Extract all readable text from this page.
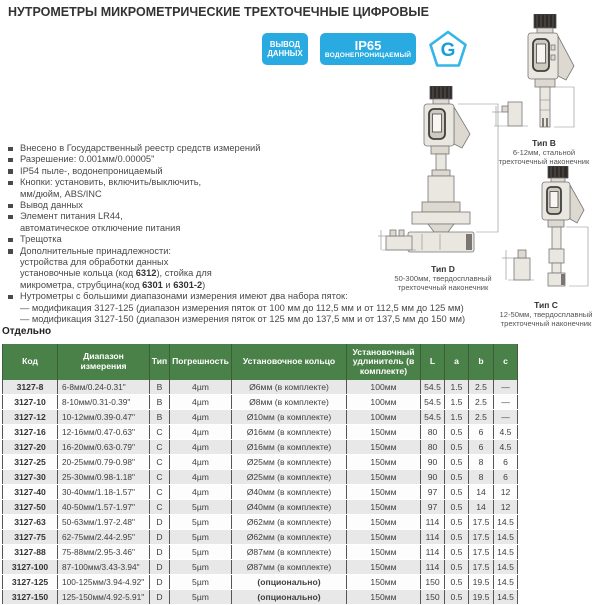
НУТРОМЕТРЫ МИКРОМЕТРИЧЕСКИЕ ТРЕХТОЧЕЧНЫЕ ЦИФРОВЫЕ
ВЫВОД ДАННЫХ
IP65
ВОДОНЕПРОНИЦАЕМЫЙ G
Внесено в Государственный реестр средств измерений
Разрешение: 0.001мм/0.00005"
IP54 пыле-, водонепроницаемый
Кнопки: установить, включить/выключить,
мм/дюйм, ABS/INC
Вывод данных
Элемент питания LR44,
автоматическое отключение питания
Трещотка
Дополнительные принадлежности:
устройства для обработки данных
установочные кольца (код 6312), стойка для
микрометра, струбцина(код 6301 и 6301-2)
Нутрометры с большими диапазонами измерения имеют два набора пяток:
— модификация 3127-125 (диапазон измерения пяток от 100 мм до 112,5 мм и от 112,5 мм до 125 мм)
— модификация 3127-150 (диапазон измерения пяток от 125 мм до 137,5 мм и от 137,5 мм до 150 мм)
Отдельно
Тип B
6-12мм, стальной
трехточечный наконечник
Тип D
50-300мм, твердосплавный
трехточечный наконечник
Тип C
12-50мм, твердосплавный
трехточечный наконечник
Код	Диапазон измерения	Тип	Погрешность	Установочное кольцо	Установочный удлинитель (в комплекте)	L	a	b	c
3127-8	6-8мм/0.24-0.31"	B	4µm	Ø6мм (в комплекте)	100мм	54.5	1.5	2.5	—
3127-10	8-10мм/0.31-0.39"	B	4µm	Ø8мм (в комплекте)	100мм	54.5	1.5	2.5	—
3127-12	10-12мм/0.39-0.47"	B	4µm	Ø10мм (в комплекте)	100мм	54.5	1.5	2.5	—
3127-16	12-16мм/0.47-0.63"	C	4µm	Ø16мм (в комплекте)	150мм	80	0.5	6	4.5
3127-20	16-20мм/0.63-0.79"	C	4µm	Ø16мм (в комплекте)	150мм	80	0.5	6	4.5
3127-25	20-25мм/0.79-0.98"	C	4µm	Ø25мм (в комплекте)	150мм	90	0.5	8	6
3127-30	25-30мм/0.98-1.18"	C	4µm	Ø25мм (в комплекте)	150мм	90	0.5	8	6
3127-40	30-40мм/1.18-1.57"	C	4µm	Ø40мм (в комплекте)	150мм	97	0.5	14	12
3127-50	40-50мм/1.57-1.97"	C	5µm	Ø40мм (в комплекте)	150мм	97	0.5	14	12
3127-63	50-63мм/1.97-2.48"	D	5µm	Ø62мм (в комплекте)	150мм	114	0.5	17.5	14.5
3127-75	62-75мм/2.44-2.95"	D	5µm	Ø62мм (в комплекте)	150мм	114	0.5	17.5	14.5
3127-88	75-88мм/2.95-3.46"	D	5µm	Ø87мм (в комплекте)	150мм	114	0.5	17.5	14.5
3127-100	87-100мм/3.43-3.94"	D	5µm	Ø87мм (в комплекте)	150мм	114	0.5	17.5	14.5
3127-125	100-125мм/3.94-4.92"	D	5µm	(опционально)	150мм	150	0.5	19.5	14.5
3127-150	125-150мм/4.92-5.91"	D	5µm	(опционально)	150мм	150	0.5	19.5	14.5
